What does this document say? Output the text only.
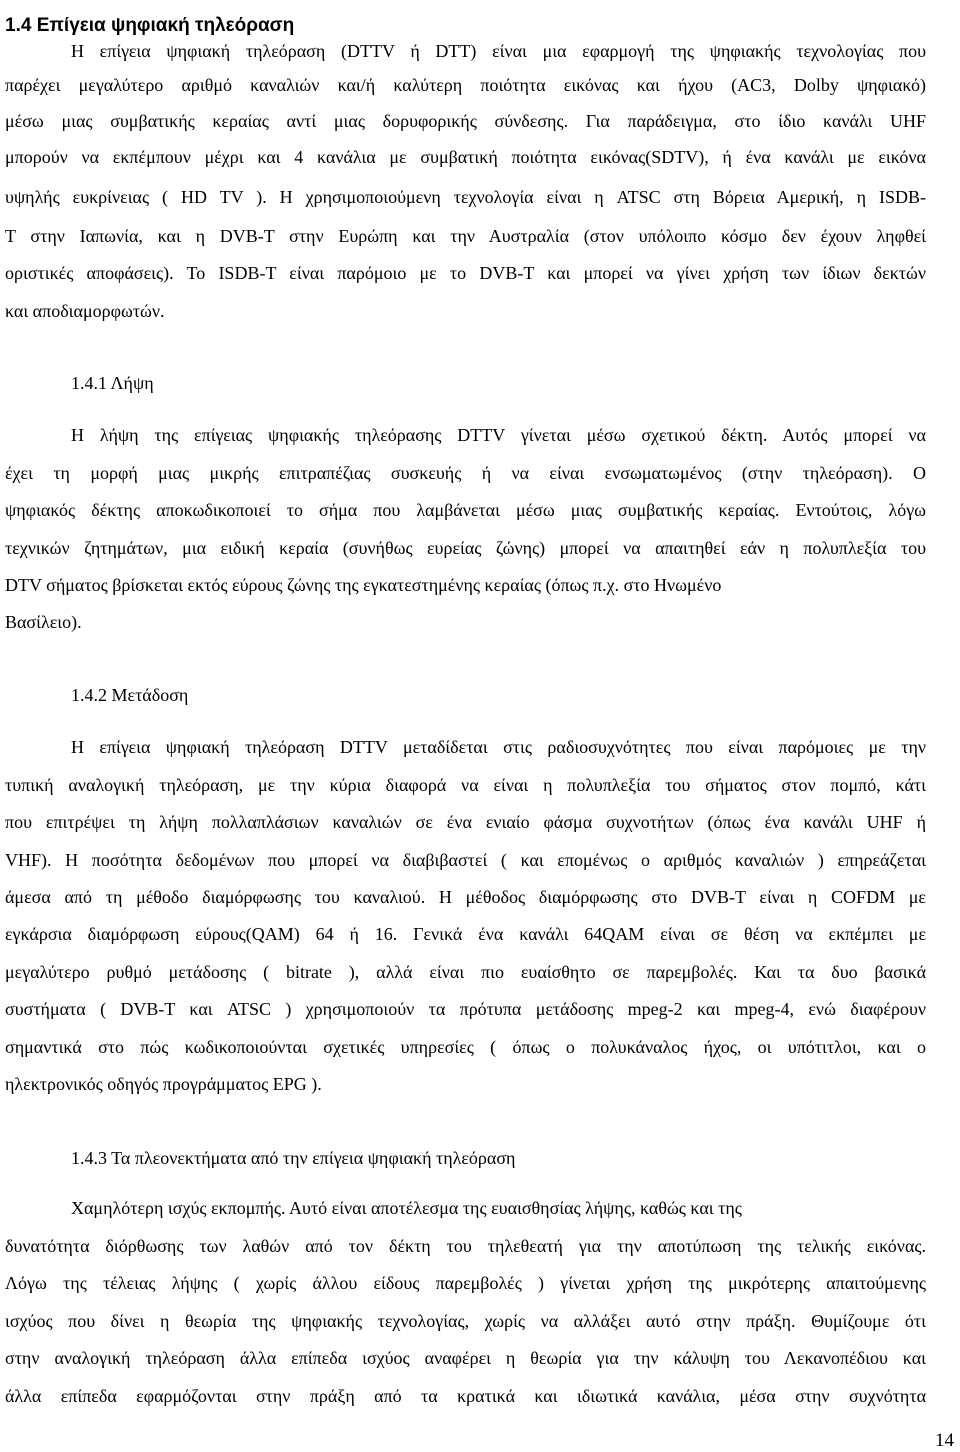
1.4 Επίγεια ψηφιακή τηλεόραση

Η επίγεια ψηφιακή τηλεόραση (DTTV ή DTT) είναι μια εφαρμογή της ψηφιακής τεχνολογίας που

παρέχει μεγαλύτερο αριθμό καναλιών και/ή καλύτερη ποιότητα εικόνας και ήχου (AC3, Dolby ψηφιακό)

μέσω μιας συμβατικής κεραίας αντί μιας δορυφορικής σύνδεσης. Για παράδειγμα, στο ίδιο κανάλι UHF

μπορούν να εκπέμπουν μέχρι και 4 κανάλια με συμβατική ποιότητα εικόνας(SDTV), ή ένα κανάλι με εικόνα

υψηλής ευκρίνειας ( HD TV ). Η χρησιμοποιούμενη τεχνολογία είναι η ATSC στη Βόρεια Αμερική, η ISDB-

T στην Ιαπωνία, και η DVB-T στην Ευρώπη και την Αυστραλία (στον υπόλοιπο κόσμο δεν έχουν ληφθεί

οριστικές αποφάσεις). Το ISDB-T είναι παρόμοιο με το DVB-T και μπορεί να γίνει χρήση των ίδιων δεκτών

και αποδιαμορφωτών.

1.4.1 Λήψη

Η λήψη της επίγειας ψηφιακής τηλεόρασης DTTV γίνεται μέσω σχετικού δέκτη. Αυτός μπορεί να

έχει τη μορφή μιας μικρής επιτραπέζιας συσκευής ή να είναι ενσωματωμένος (στην τηλεόραση). Ο

ψηφιακός δέκτης αποκωδικοποιεί το σήμα που λαμβάνεται μέσω μιας συμβατικής κεραίας. Εντούτοις, λόγω

τεχνικών ζητημάτων, μια ειδική κεραία (συνήθως ευρείας ζώνης) μπορεί να απαιτηθεί εάν η πολυπλεξία του

DTV σήματος βρίσκεται εκτός εύρους ζώνης της εγκατεστημένης κεραίας (όπως π.χ. στο Ηνωμένο

Βασίλειο).

1.4.2 Μετάδοση

Η επίγεια ψηφιακή τηλεόραση DTTV μεταδίδεται στις ραδιοσυχνότητες που είναι παρόμοιες με την

τυπική αναλογική τηλεόραση, με την κύρια διαφορά να είναι η πολυπλεξία του σήματος στον πομπό, κάτι

που επιτρέψει τη λήψη πολλαπλάσιων καναλιών σε ένα ενιαίο φάσμα συχνοτήτων (όπως ένα κανάλι UHF ή

VHF). Η ποσότητα δεδομένων που μπορεί να διαβιβαστεί ( και επομένως ο αριθμός καναλιών ) επηρεάζεται

άμεσα από τη μέθοδο διαμόρφωσης του καναλιού. Η μέθοδος διαμόρφωσης στο DVB-T είναι η COFDM με

εγκάρσια διαμόρφωση εύρους(QAM) 64 ή 16. Γενικά ένα κανάλι 64QAM είναι σε θέση να εκπέμπει με

μεγαλύτερο ρυθμό μετάδοσης ( bitrate ), αλλά είναι πιο ευαίσθητο σε παρεμβολές. Και τα δυο βασικά

συστήματα ( DVB-T και ATSC ) χρησιμοποιούν τα πρότυπα μετάδοσης mpeg-2 και mpeg-4, ενώ διαφέρουν

σημαντικά στο πώς κωδικοποιούνται σχετικές υπηρεσίες ( όπως ο πολυκάναλος ήχος, οι υπότιτλοι, και ο

ηλεκτρονικός οδηγός προγράμματος EPG ).

1.4.3 Τα πλεονεκτήματα από την επίγεια ψηφιακή τηλεόραση

Χαμηλότερη ισχύς εκπομπής. Αυτό είναι αποτέλεσμα της ευαισθησίας λήψης, καθώς και της

δυνατότητα διόρθωσης των λαθών από τον δέκτη του τηλεθεατή για την αποτύπωση της τελικής εικόνας.

Λόγω της τέλειας λήψης ( χωρίς άλλου είδους παρεμβολές ) γίνεται χρήση της μικρότερης απαιτούμενης

ισχύος που δίνει η θεωρία της ψηφιακής τεχνολογίας, χωρίς να αλλάξει αυτό στην πράξη. Θυμίζουμε ότι

στην αναλογική τηλεόραση άλλα επίπεδα ισχύος αναφέρει η θεωρία για την κάλυψη του Λεκανοπέδιου και

άλλα επίπεδα εφαρμόζονται στην πράξη από τα κρατικά και ιδιωτικά κανάλια, μέσα στην συχνότητα

14
